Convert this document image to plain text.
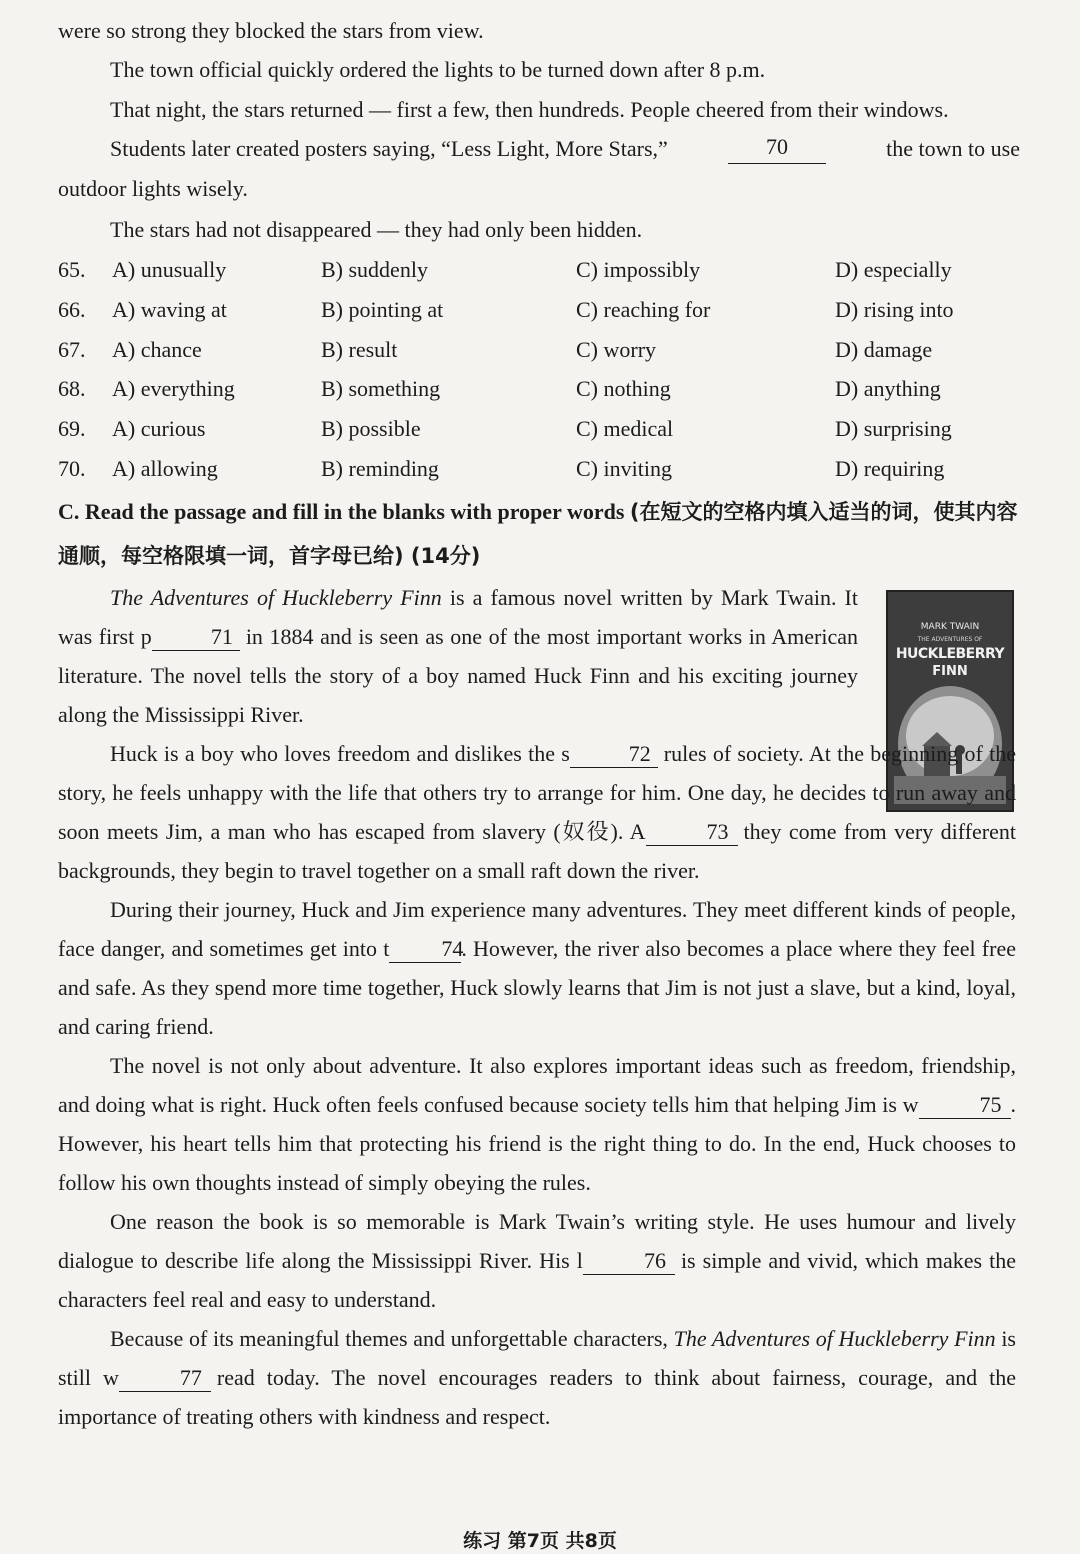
were so strong they blocked the stars from view.
The town official quickly ordered the lights to be turned down after 8 p.m.
That night, the stars returned — first a few, then hundreds. People cheered from their windows.
Students later created posters saying, “Less Light, More Stars,”	70	the town to use
outdoor lights wisely.
The stars had not disappeared — they had only been hidden.
65. A) unusually	B) suddenly	C) impossibly	D) especially
66. A) waving at	B) pointing at	C) reaching for	D) rising into
67. A) chance	B) result	C) worry	D) damage
68. A) everything	B) something	C) nothing	D) anything
69. A) curious	B) possible	C) medical	D) surprising
70. A) allowing	B) reminding	C) inviting	D) requiring
C. Read the passage and fill in the blanks with proper words (在短文的空格内填入适当的词，使其内容通顺，每空格限填一词，首字母已给) (14分)
MARK TWAIN
THE ADVENTURES OF
HUCKLEBERRY
FINN

The Adventures of Huckleberry Finn is a famous novel written by Mark Twain. It was first p	71 in 1884 and is seen as one of the most important works in American literature. The novel tells the story of a boy named Huck Finn and his exciting journey along the Mississippi River.

Huck is a boy who loves freedom and dislikes the s	72 rules of society. At the beginning of the story, he feels unhappy with the life that others try to arrange for him. One day, he decides to run away and soon meets Jim, a man who has escaped from slavery (奴役). A	73 they come from very different backgrounds, they begin to travel together on a small raft down the river.

During their journey, Huck and Jim experience many adventures. They meet different kinds of people, face danger, and sometimes get into t 74. However, the river also becomes a place where they feel free and safe. As they spend more time together, Huck slowly learns that Jim is not just a slave, but a kind, loyal, and caring friend.

The novel is not only about adventure. It also explores important ideas such as freedom, friendship, and doing what is right. Huck often feels confused because society tells him that helping Jim is w	75 . However, his heart tells him that protecting his friend is the right thing to do. In the end, Huck chooses to follow his own thoughts instead of simply obeying the rules.

One reason the book is so memorable is Mark Twain’s writing style. He uses humour and lively dialogue to describe life along the Mississippi River. His l	76 is simple and vivid, which makes the characters feel real and easy to understand.

Because of its meaningful themes and unforgettable characters, The Adventures of Huckleberry Finn is still w	77 read today. The novel encourages readers to think about fairness, courage, and the importance of treating others with kindness and respect.

练习 第7页 共8页
